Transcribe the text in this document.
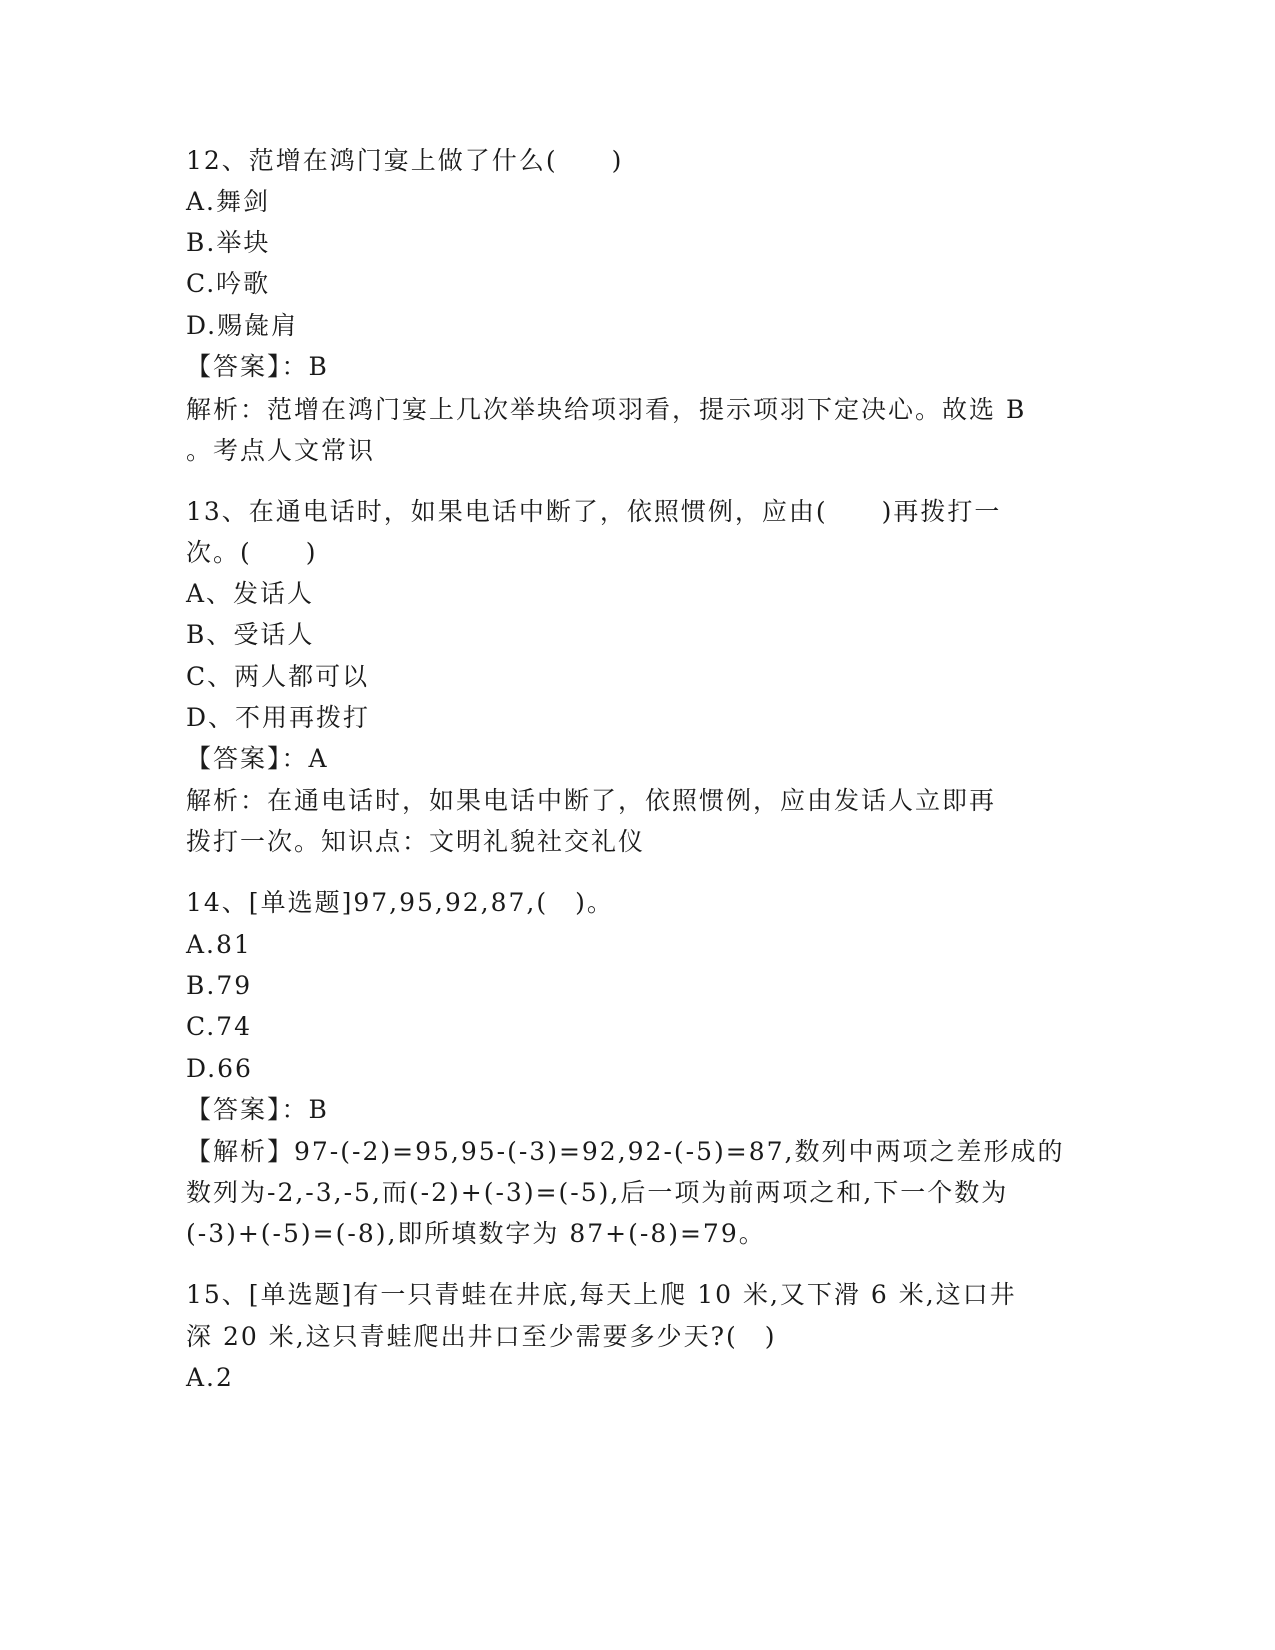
12、范增在鸿门宴上做了什么(　　)
A.舞剑
B.举块
C.吟歌
D.赐彘肩
【答案】：B
解析：范增在鸿门宴上几次举块给项羽看，提示项羽下定决心。故选 B
。考点人文常识
13、在通电话时，如果电话中断了，依照惯例，应由(　　)再拨打一
次。(　　)
A、发话人
B、受话人
C、两人都可以
D、不用再拨打
【答案】：A
解析：在通电话时，如果电话中断了，依照惯例，应由发话人立即再
拨打一次。知识点：文明礼貌社交礼仪
14、[单选题]97,95,92,87,(　)。
A.81
B.79
C.74
D.66
【答案】：B
【解析】97-(-2)=95,95-(-3)=92,92-(-5)=87,数列中两项之差形成的
数列为-2,-3,-5,而(-2)+(-3)=(-5),后一项为前两项之和,下一个数为
(-3)+(-5)=(-8),即所填数字为 87+(-8)=79。
15、[单选题]有一只青蛙在井底,每天上爬 10 米,又下滑 6 米,这口井
深 20 米,这只青蛙爬出井口至少需要多少天?(　)
A.2
